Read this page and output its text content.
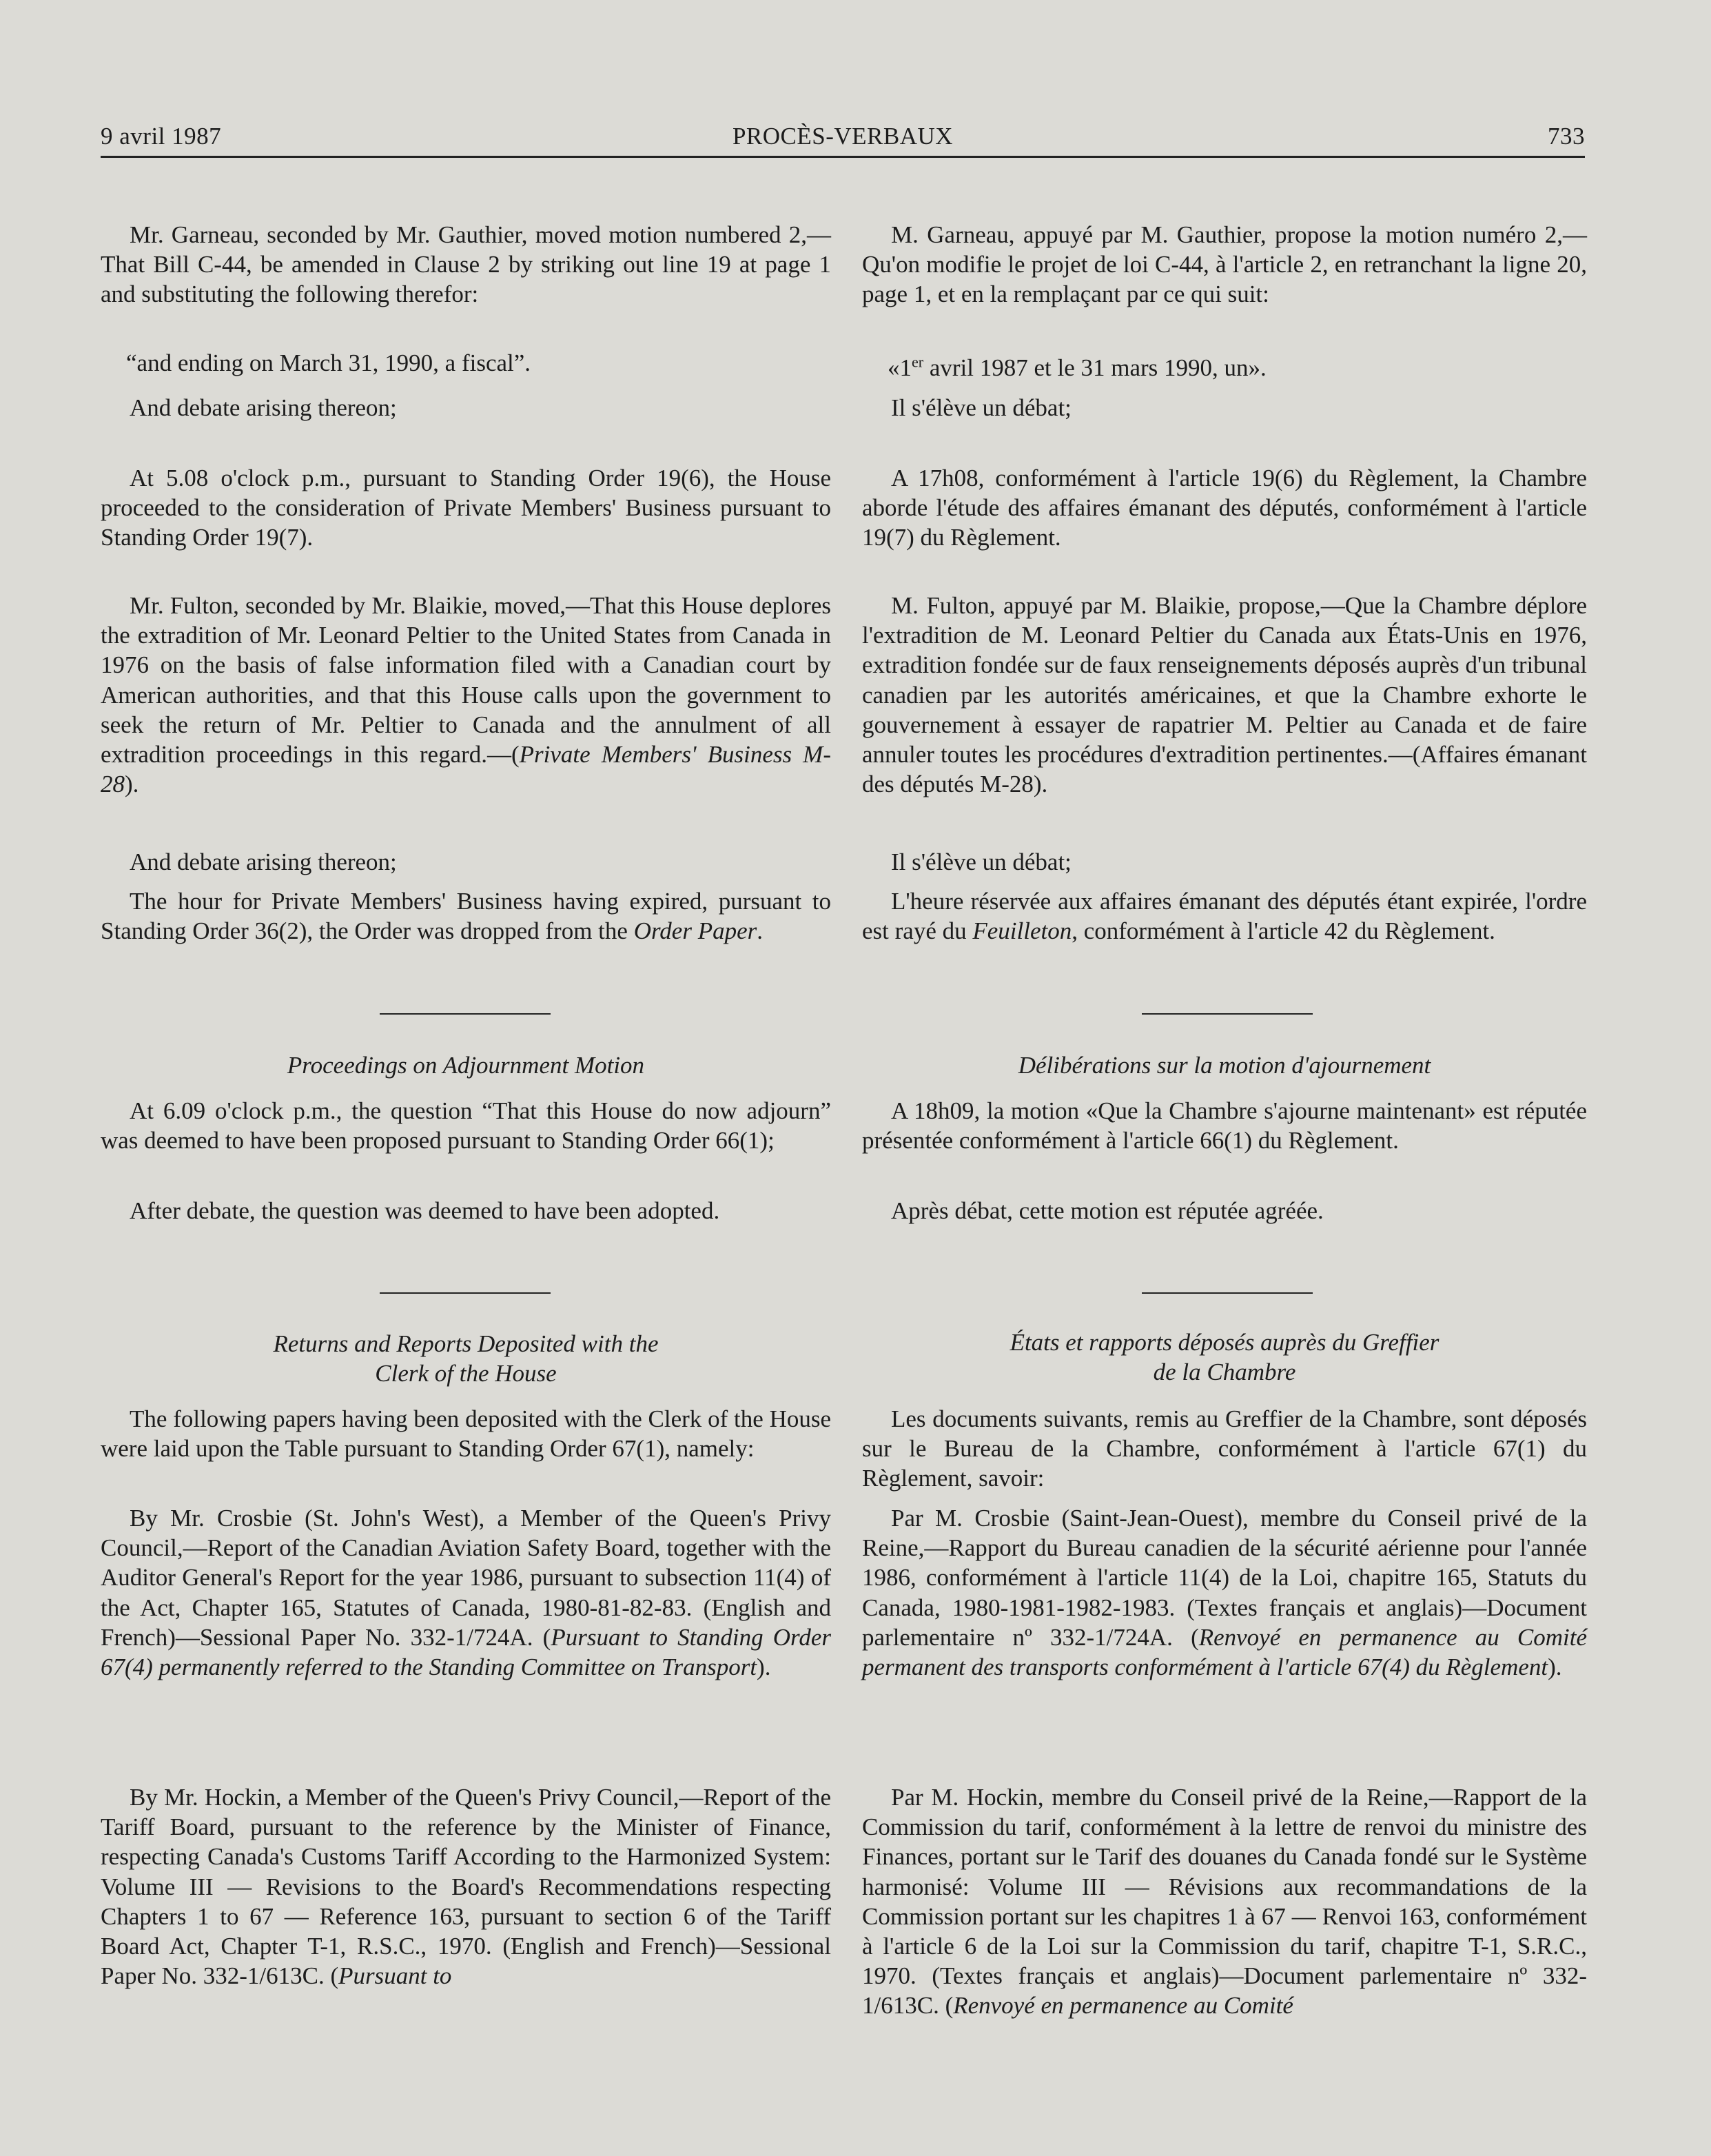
9 avril 1987	PROCÈS-VERBAUX	733

Mr. Garneau, seconded by Mr. Gauthier, moved motion numbered 2,—That Bill C-44, be amended in Clause 2 by striking out line 19 at page 1 and substituting the following therefor:

“and ending on March 31, 1990, a fiscal”.

And debate arising thereon;

At 5.08 o'clock p.m., pursuant to Standing Order 19(6), the House proceeded to the consideration of Private Members' Business pursuant to Standing Order 19(7).

Mr. Fulton, seconded by Mr. Blaikie, moved,—That this House deplores the extradition of Mr. Leonard Peltier to the United States from Canada in 1976 on the basis of false information filed with a Canadian court by American authorities, and that this House calls upon the government to seek the return of Mr. Peltier to Canada and the annulment of all extradition proceedings in this regard.—(Private Members' Business M-28).

And debate arising thereon;

The hour for Private Members' Business having expired, pursuant to Standing Order 36(2), the Order was dropped from the Order Paper.

Proceedings on Adjournment Motion

At 6.09 o'clock p.m., the question “That this House do now adjourn” was deemed to have been proposed pursuant to Standing Order 66(1);

After debate, the question was deemed to have been adopted.

Returns and Reports Deposited with the

Clerk of the House

The following papers having been deposited with the Clerk of the House were laid upon the Table pursuant to Standing Order 67(1), namely:

By Mr. Crosbie (St. John's West), a Member of the Queen's Privy Council,—Report of the Canadian Aviation Safety Board, together with the Auditor General's Report for the year 1986, pursuant to subsection 11(4) of the Act, Chapter 165, Statutes of Canada, 1980-81-82-83. (English and French)—Sessional Paper No. 332-1/724A. (Pursuant to Standing Order 67(4) permanently referred to the Standing Committee on Transport).

By Mr. Hockin, a Member of the Queen's Privy Council,—Report of the Tariff Board, pursuant to the reference by the Minister of Finance, respecting Canada's Customs Tariff According to the Harmonized System: Volume III — Revisions to the Board's Recommendations respecting Chapters 1 to 67 — Reference 163, pursuant to section 6 of the Tariff Board Act, Chapter T-1, R.S.C., 1970. (English and French)—Sessional Paper No. 332-1/613C. (Pursuant to

M. Garneau, appuyé par M. Gauthier, propose la motion numéro 2,—Qu'on modifie le projet de loi C-44, à l'article 2, en retranchant la ligne 20, page 1, et en la remplaçant par ce qui suit:

«1er avril 1987 et le 31 mars 1990, un».

Il s'élève un débat;

A 17h08, conformément à l'article 19(6) du Règlement, la Chambre aborde l'étude des affaires émanant des députés, conformément à l'article 19(7) du Règlement.

M. Fulton, appuyé par M. Blaikie, propose,—Que la Chambre déplore l'extradition de M. Leonard Peltier du Canada aux États-Unis en 1976, extradition fondée sur de faux renseignements déposés auprès d'un tribunal canadien par les autorités américaines, et que la Chambre exhorte le gouvernement à essayer de rapatrier M. Peltier au Canada et de faire annuler toutes les procédures d'extradition pertinentes.—(Affaires émanant des députés M-28).

Il s'élève un débat;

L'heure réservée aux affaires émanant des députés étant expirée, l'ordre est rayé du Feuilleton, conformément à l'article 42 du Règlement.

Délibérations sur la motion d'ajournement

A 18h09, la motion «Que la Chambre s'ajourne maintenant» est réputée présentée conformément à l'article 66(1) du Règlement.

Après débat, cette motion est réputée agréée.

États et rapports déposés auprès du Greffier

de la Chambre

Les documents suivants, remis au Greffier de la Chambre, sont déposés sur le Bureau de la Chambre, conformément à l'article 67(1) du Règlement, savoir:

Par M. Crosbie (Saint-Jean-Ouest), membre du Conseil privé de la Reine,—Rapport du Bureau canadien de la sécurité aérienne pour l'année 1986, conformément à l'article 11(4) de la Loi, chapitre 165, Statuts du Canada, 1980-1981-1982-1983. (Textes français et anglais)—Document parlementaire nº 332-1/724A. (Renvoyé en permanence au Comité permanent des transports conformément à l'article 67(4) du Règlement).

Par M. Hockin, membre du Conseil privé de la Reine,—Rapport de la Commission du tarif, conformément à la lettre de renvoi du ministre des Finances, portant sur le Tarif des douanes du Canada fondé sur le Système harmonisé: Volume III — Révisions aux recommandations de la Commission portant sur les chapitres 1 à 67 — Renvoi 163, conformément à l'article 6 de la Loi sur la Commission du tarif, chapitre T-1, S.R.C., 1970. (Textes français et anglais)—Document parlementaire nº 332-1/613C. (Renvoyé en permanence au Comité
